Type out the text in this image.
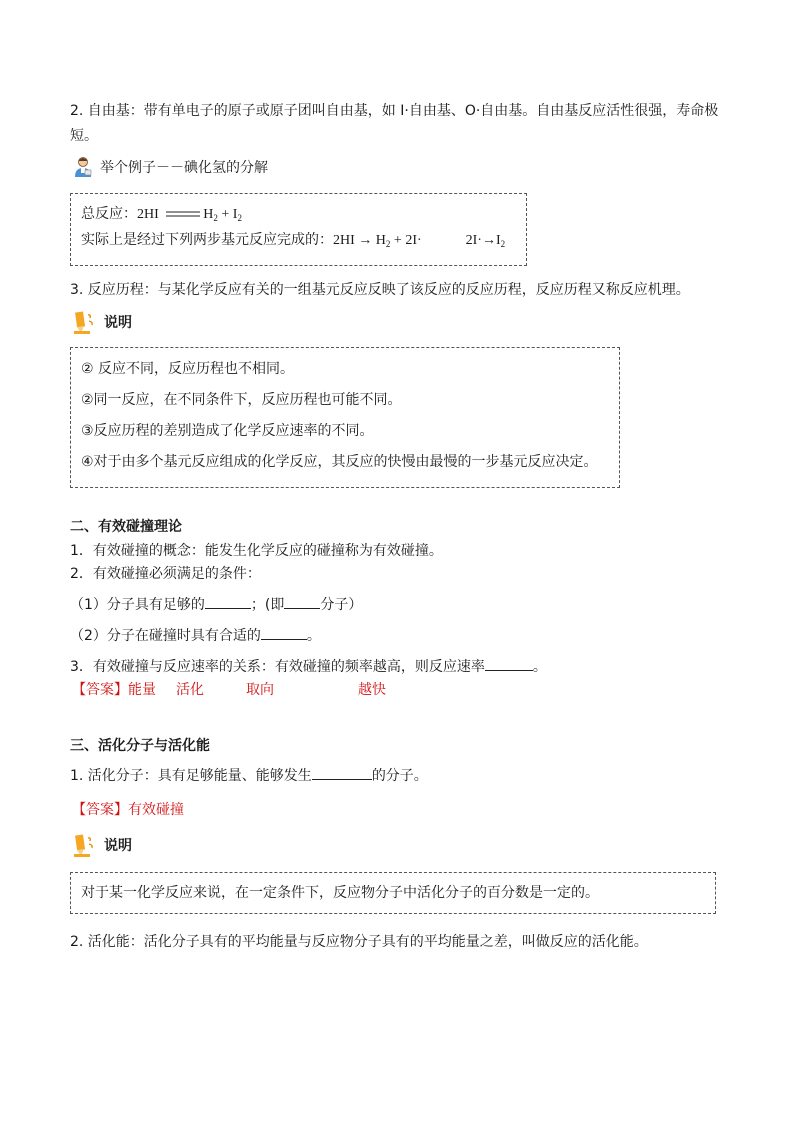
2. 自由基：带有单电子的原子或原子团叫自由基，如 I·自由基、O·自由基。自由基反应活性很强，寿命极
短。
举个例子－－碘化氢的分解
总反应：2HI	$H_2 + I_2$
实际上是经过下列两步基元反应完成的：$2HI \to H_2 + 2I\cdot$	$2I\cdot\to I_2$
3. 反应历程：与某化学反应有关的一组基元反应反映了该反应的反应历程，反应历程又称反应机理。
说明
② 反应不同，反应历程也不相同。
②同一反应，在不同条件下，反应历程也可能不同。
③反应历程的差别造成了化学反应速率的不同。
④对于由多个基元反应组成的化学反应，其反应的快慢由最慢的一步基元反应决定。
二、有效碰撞理论
1．有效碰撞的概念：能发生化学反应的碰撞称为有效碰撞。
2．有效碰撞必须满足的条件：
（1）分子具有足够的	；(即	分子）
（2）分子在碰撞时具有合适的	。
3．有效碰撞与反应速率的关系：有效碰撞的频率越高，则反应速率	。
【答案】能量 活化	取向	越快
三、活化分子与活化能
1. 活化分子：具有足够能量、能够发生	的分子。
【答案】有效碰撞
说明
对于某一化学反应来说，在一定条件下，反应物分子中活化分子的百分数是一定的。
2. 活化能：活化分子具有的平均能量与反应物分子具有的平均能量之差，叫做反应的活化能。
